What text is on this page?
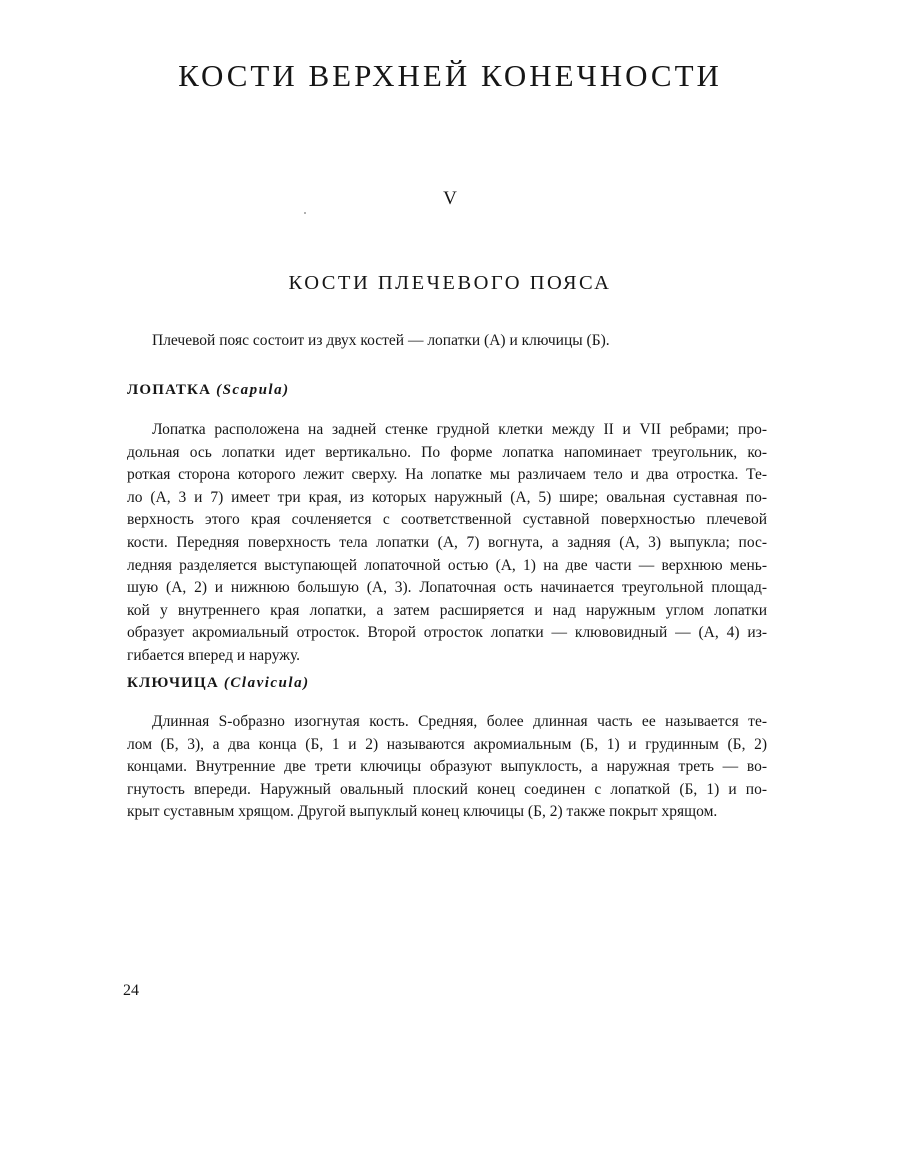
КОСТИ ВЕРХНЕЙ КОНЕЧНОСТИ
V
КОСТИ ПЛЕЧЕВОГО ПОЯСА

Плечевой пояс состоит из двух костей — лопатки (А) и ключицы (Б).

ЛОПАТКА (Scapula)
Лопатка расположена на задней стенке грудной клетки между II и VII ребрами; про-
дольная ось лопатки идет вертикально. По форме лопатка напоминает треугольник, ко-
роткая сторона которого лежит сверху. На лопатке мы различаем тело и два отростка. Те-
ло (А, 3 и 7) имеет три края, из которых наружный (А, 5) шире; овальная суставная по-
верхность этого края сочленяется с соответственной суставной поверхностью плечевой
кости. Передняя поверхность тела лопатки (А, 7) вогнута, а задняя (А, 3) выпукла; пос-
ледняя разделяется выступающей лопаточной остью (А, 1) на две части — верхнюю мень-
шую (А, 2) и нижнюю большую (А, 3). Лопаточная ость начинается треугольной площад-
кой у внутреннего края лопатки, а затем расширяется и над наружным углом лопатки
образует акромиальный отросток. Второй отросток лопатки — клювовидный — (А, 4) из-
гибается вперед и наружу.
КЛЮЧИЦА (Clavicula)
Длинная S-образно изогнутая кость. Средняя, более длинная часть ее называется те-
лом (Б, 3), а два конца (Б, 1 и 2) называются акромиальным (Б, 1) и грудинным (Б, 2)
концами. Внутренние две трети ключицы образуют выпуклость, а наружная треть — во-
гнутость впереди. Наружный овальный плоский конец соединен с лопаткой (Б, 1) и по-
крыт суставным хрящом. Другой выпуклый конец ключицы (Б, 2) также покрыт хрящом.
24
